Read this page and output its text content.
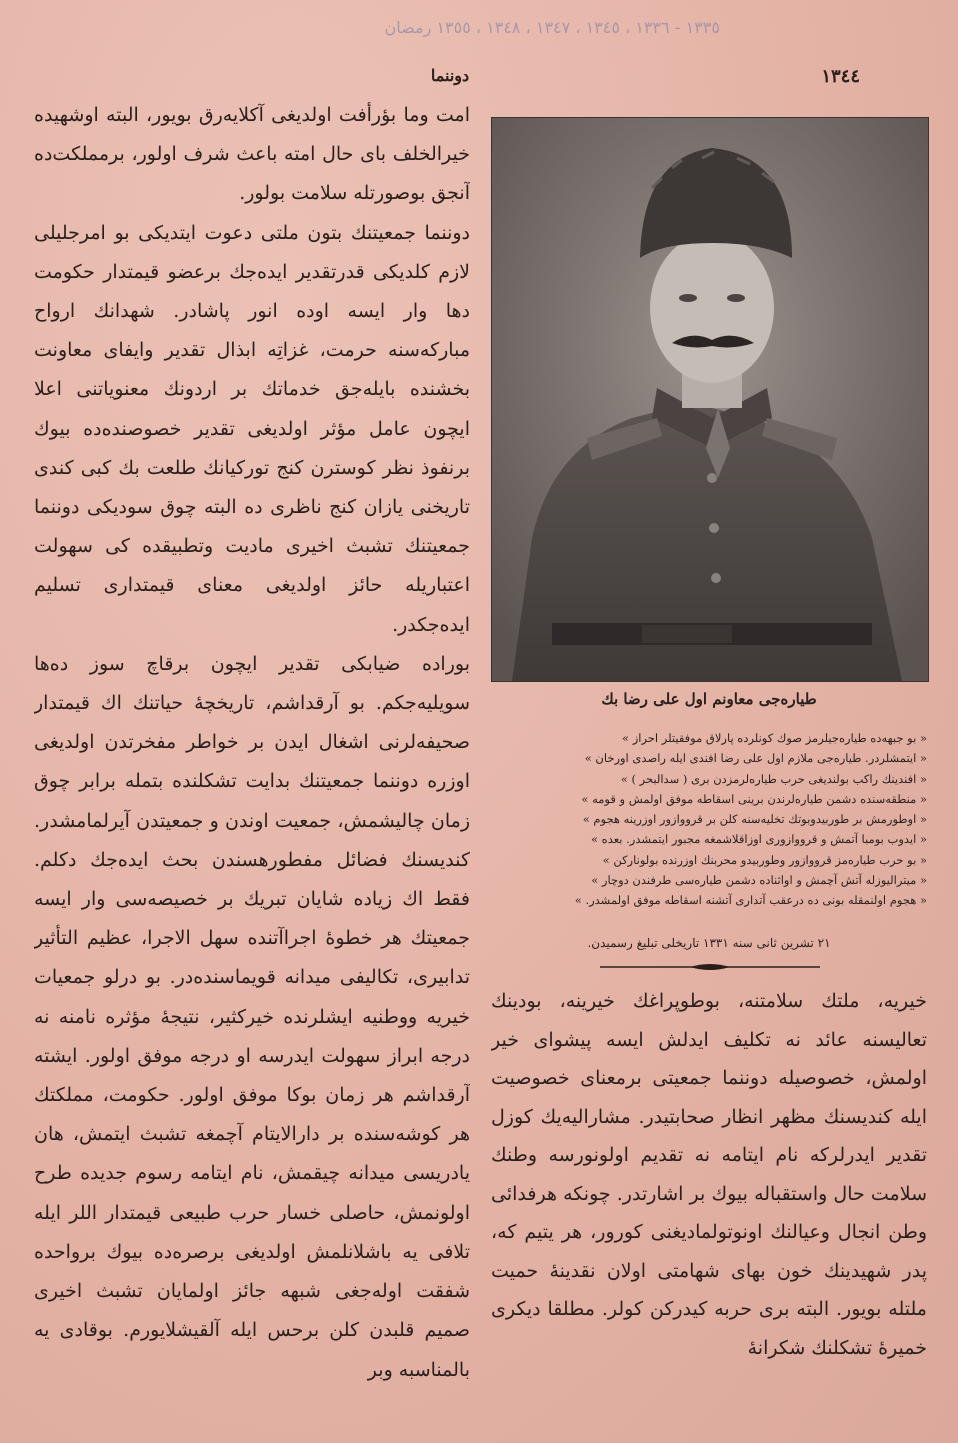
١٣٣٥ - ١٣٣٦ ، ١٣٤٥ ، ١٣٤٧ ، ١٣٤٨ ، ١٣٥٥ رمضان
دوننما	١٣٤٤

امت وما بؤرأفت اولديغى آكلايه‌رق بويور، البته اوشهيده خيرالخلف باى حال امته باعث شرف اولور، برمملكت‌ده آنجق بوصورتله سلامت بولور.

دوننما جمعيتنك بتون ملتى دعوت ايتديكى بو امرجليلى لازم كلديكى قدرتقدير ايده‌جك برعضو قيمتدار حكومت دها وار ايسه اوده انور پاشادر. شهدانك ارواح مباركه‌سنه حرمت، غزاتِه ابذال تقدير وايفاى معاونت بخشنده بايله‌جق خدماتك بر اردونك معنوياتنى اعلا ايچون عامل مؤثر اولديغى تقدير خصوصنده‌ده بيوك برنفوذ نظر كوسترن كنج توركيانك طلعت بك كبى كندى تاريخنى يازان كنج ناظرى ده البته چوق سوديكى دوننما جمعيتنك تشبث اخيرى ماديت وتطبيقده كى سهولت اعتباريله حائز اولديغى معناى قيمتدارى تسليم ايده‌جكدر.

بوراده ضيابكى تقدير ايچون برقاچ سوز ده‌ها سويليه‌جكم. بو آرقداشم، تاريخچهٔ حياتنك اك قيمتدار صحيفه‌لرنى اشغال ايدن بر خواطر مفخرتدن اولديغى اوزره دوننما جمعيتنك بدايت تشكلنده بتمله برابر چوق زمان چاليشمش، جمعيت اوندن و جمعيتدن آيرلمامشدر. كنديسنك فضائل مفطورهسندن بحث ايده‌جك دكلم. فقط اك زياده شايان تبريك بر خصيصه‌سى وار ايسه جمعيتك هر خطوهٔ اجراآتنده سهل الاجرا، عظيم التأثير تدابيرى، تكاليفى ميدانه قويماسنده‌در. بو درلو جمعيات خيريه ووطنيه ايشلرنده خيركثير، نتيجهٔ مؤثره نامنه نه درجه ابراز سهولت ايدرسه او درجه موفق اولور. ايشته آرقداشم هر زمان بوكا موفق اولور. حكومت، مملكتك هر كوشه‌سنده بر دارالايتام آچمغه تشبث ايتمش، هان يادريسى ميدانه چيقمش، نام ايتامه رسوم جديده طرح اولونمش، حاصلى خسار حرب طبيعى قيمتدار اللر ايله تلافى يه باشلانلمش اولديغى برصره‌ده بيوك برواحده شفقت اوله‌جغى شبهه جائز اولمايان تشبث اخيرى صميم قلبدن كلن برحس ايله آلقيشلايورم. بوقادى يه بالمناسبه وبر

طياره‌جى معاونم اول على رضا بك
« بو جبهه‌ده طياره‌جيلرمز صوك كونلرده پارلاق موفقيتلر احراز »
« ايتمشلردر. طياره‌جى ملازم اول على رضا افندى ايله راصدى اورخان »
« افندينك راكب بولنديغى حرب طياره‌لرمزدن برى ( سدالبحر ) »
« منطقه‌سنده دشمن طياره‌لرندن برينى اسقاطه موفق اولمش و قومه »
« اوطورمش بر طوربيدوبوتك تخليه‌سنه كلن بر قرووازور اوزرينه هجوم »
« ايدوب بومبا آتمش و قرووازورى اوزاقلاشمغه مجبور ايتمشدر. بعده »
« بو حرب طياره‌مز قرووازور وطوربيدو محربنك اوزرنده بولوناركن »
« ميترالیوزله آتش آچمش و اواثناده دشمن طياره‌سى طرفندن دوچار »
« هجوم اولنمقله بونى ده درعقب آتدارى آتشنه اسقاطه موفق اولمشدر. »
٢١ تشرين ثانى سنه ١٣٣١ تاريخلى تبليغ رسميدن.

خيريه، ملتك سلامتنه، بوطوپراغك خيرينه، بودينك تعاليسنه عائد نه تكليف ايدلش ايسه پيشواى خير اولمش، خصوصيله دوننما جمعيتى برمعناى خصوصيت ايله كنديسنك مظهر انظار صحابتيدر. مشاراليه‌يك كوزل تقدير ايدرلركه نام ايتامه نه تقديم اولونورسه وطنك سلامت حال واستقباله بيوك بر اشارتدر. چونكه هرفدائى وطن انجال وعيالنك اونوتولماديغنى كورور، هر يتيم كه، پدر شهيدينك خون بهاى شهامتى اولان نقدينهٔ حميت ملتله بويور. البته برى حربه كيدركن كولر. مطلقا ديكرى خميرهٔ تشكلنك شكرانهٔ
